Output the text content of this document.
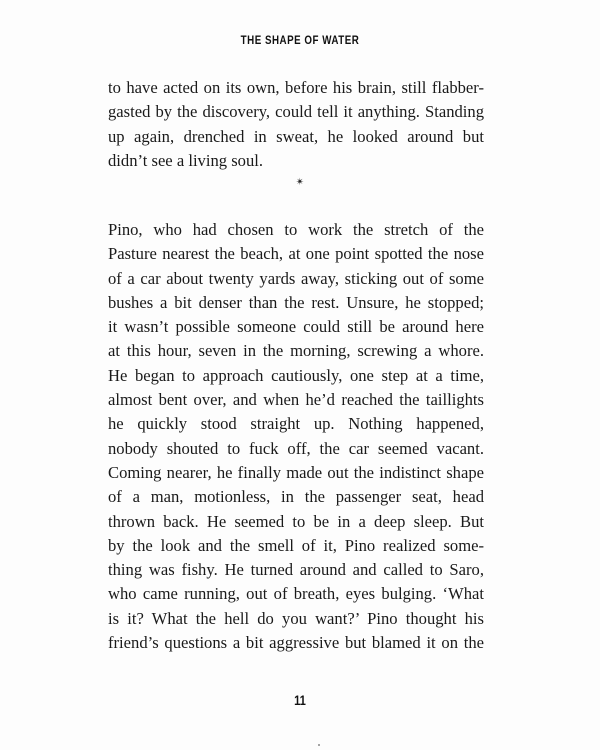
THE SHAPE OF WATER
to have acted on its own, before his brain, still flabber-
gasted by the discovery, could tell it anything. Standing
up again, drenched in sweat, he looked around but
didn’t see a living soul.
✴
Pino, who had chosen to work the stretch of the
Pasture nearest the beach, at one point spotted the nose
of a car about twenty yards away, sticking out of some
bushes a bit denser than the rest. Unsure, he stopped;
it wasn’t possible someone could still be around here
at this hour, seven in the morning, screwing a whore.
He began to approach cautiously, one step at a time,
almost bent over, and when he’d reached the taillights
he quickly stood straight up. Nothing happened,
nobody shouted to fuck off, the car seemed vacant.
Coming nearer, he finally made out the indistinct shape
of a man, motionless, in the passenger seat, head
thrown back. He seemed to be in a deep sleep. But
by the look and the smell of it, Pino realized some-
thing was fishy. He turned around and called to Saro,
who came running, out of breath, eyes bulging. ‘What
is it? What the hell do you want?’ Pino thought his
friend’s questions a bit aggressive but blamed it on the
11
